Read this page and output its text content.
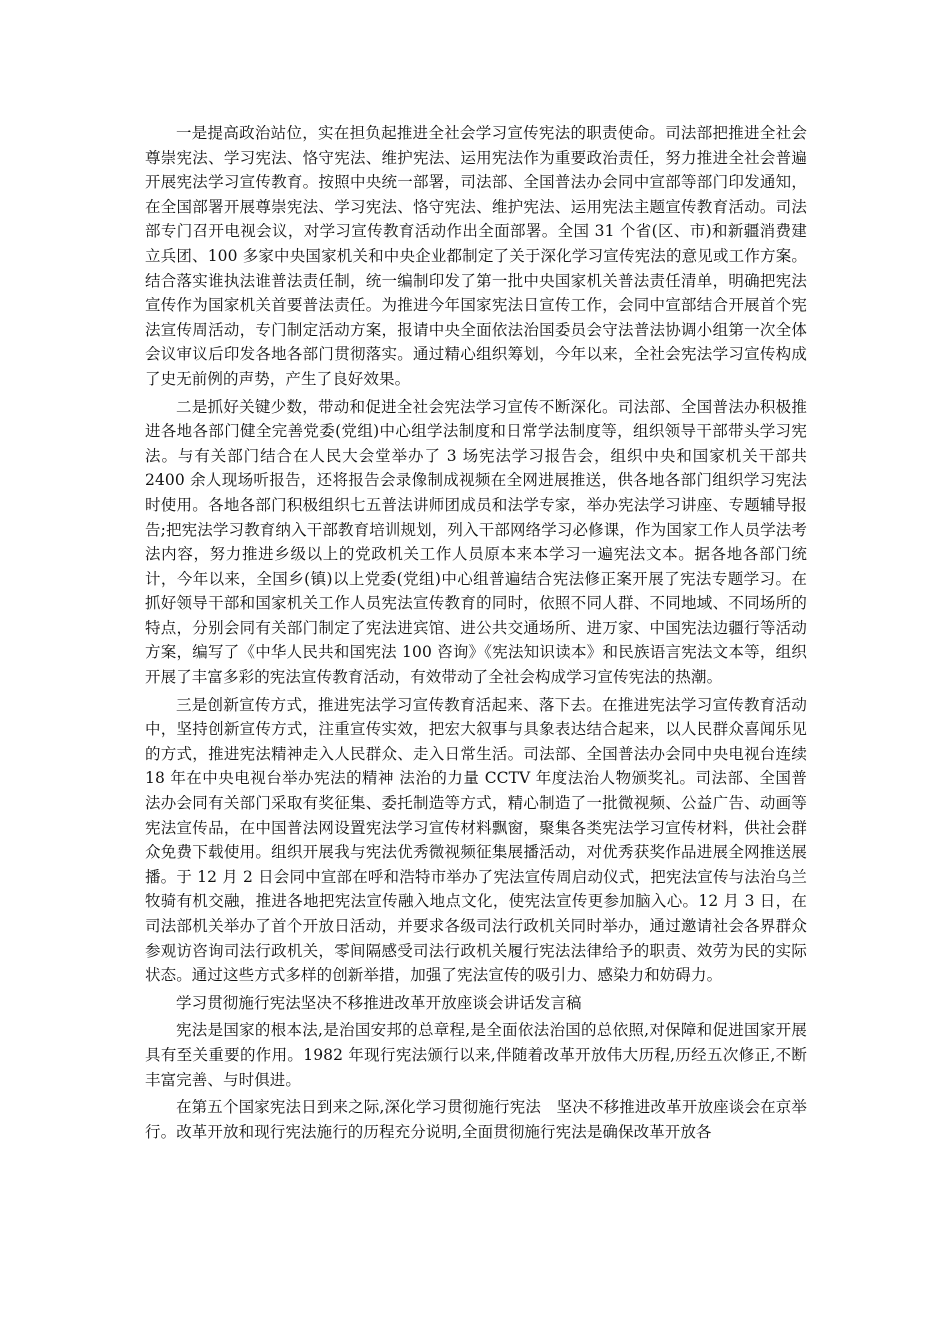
一是提高政治站位，实在担负起推进全社会学习宣传宪法的职责使命。司法部把推进全社会尊崇宪法、学习宪法、恪守宪法、维护宪法、运用宪法作为重要政治责任，努力推进全社会普遍开展宪法学习宣传教育。按照中央统一部署，司法部、全国普法办会同中宣部等部门印发通知，在全国部署开展尊崇宪法、学习宪法、恪守宪法、维护宪法、运用宪法主题宣传教育活动。司法部专门召开电视会议，对学习宣传教育活动作出全面部署。全国 31 个省(区、市)和新疆消费建立兵团、100 多家中央国家机关和中央企业都制定了关于深化学习宣传宪法的意见或工作方案。结合落实谁执法谁普法责任制，统一编制印发了第一批中央国家机关普法责任清单，明确把宪法宣传作为国家机关首要普法责任。为推进今年国家宪法日宣传工作，会同中宣部结合开展首个宪法宣传周活动，专门制定活动方案，报请中央全面依法治国委员会守法普法协调小组第一次全体会议审议后印发各地各部门贯彻落实。通过精心组织筹划，今年以来，全社会宪法学习宣传构成了史无前例的声势，产生了良好效果。

二是抓好关键少数，带动和促进全社会宪法学习宣传不断深化。司法部、全国普法办积极推进各地各部门健全完善党委(党组)中心组学法制度和日常学法制度等，组织领导干部带头学习宪法。与有关部门结合在人民大会堂举办了 3 场宪法学习报告会，组织中央和国家机关干部共 2400 余人现场听报告，还将报告会录像制成视频在全网进展推送，供各地各部门组织学习宪法时使用。各地各部门积极组织七五普法讲师团成员和法学专家，举办宪法学习讲座、专题辅导报告;把宪法学习教育纳入干部教育培训规划，列入干部网络学习必修课，作为国家工作人员学法考法内容，努力推进乡级以上的党政机关工作人员原本来本学习一遍宪法文本。据各地各部门统计，今年以来，全国乡(镇)以上党委(党组)中心组普遍结合宪法修正案开展了宪法专题学习。在抓好领导干部和国家机关工作人员宪法宣传教育的同时，依照不同人群、不同地域、不同场所的特点，分别会同有关部门制定了宪法进宾馆、进公共交通场所、进万家、中国宪法边疆行等活动方案，编写了《中华人民共和国宪法 100 咨询》《宪法知识读本》和民族语言宪法文本等，组织开展了丰富多彩的宪法宣传教育活动，有效带动了全社会构成学习宣传宪法的热潮。

三是创新宣传方式，推进宪法学习宣传教育活起来、落下去。在推进宪法学习宣传教育活动中，坚持创新宣传方式，注重宣传实效，把宏大叙事与具象表达结合起来，以人民群众喜闻乐见的方式，推进宪法精神走入人民群众、走入日常生活。司法部、全国普法办会同中央电视台连续 18 年在中央电视台举办宪法的精神 法治的力量 CCTV 年度法治人物颁奖礼。司法部、全国普法办会同有关部门采取有奖征集、委托制造等方式，精心制造了一批微视频、公益广告、动画等宪法宣传品，在中国普法网设置宪法学习宣传材料飘窗，聚集各类宪法学习宣传材料，供社会群众免费下载使用。组织开展我与宪法优秀微视频征集展播活动，对优秀获奖作品进展全网推送展播。于 12 月 2 日会同中宣部在呼和浩特市举办了宪法宣传周启动仪式，把宪法宣传与法治乌兰牧骑有机交融，推进各地把宪法宣传融入地点文化，使宪法宣传更参加脑入心。12 月 3 日，在司法部机关举办了首个开放日活动，并要求各级司法行政机关同时举办，通过邀请社会各界群众参观访咨询司法行政机关，零间隔感受司法行政机关履行宪法法律给予的职责、效劳为民的实际状态。通过这些方式多样的创新举措，加强了宪法宣传的吸引力、感染力和妨碍力。

学习贯彻施行宪法坚决不移推进改革开放座谈会讲话发言稿

宪法是国家的根本法,是治国安邦的总章程,是全面依法治国的总依照,对保障和促进国家开展具有至关重要的作用。1982 年现行宪法颁行以来,伴随着改革开放伟大历程,历经五次修正,不断丰富完善、与时俱进。

在第五个国家宪法日到来之际,深化学习贯彻施行宪法　坚决不移推进改革开放座谈会在京举行。改革开放和现行宪法施行的历程充分说明,全面贯彻施行宪法是确保改革开放各
